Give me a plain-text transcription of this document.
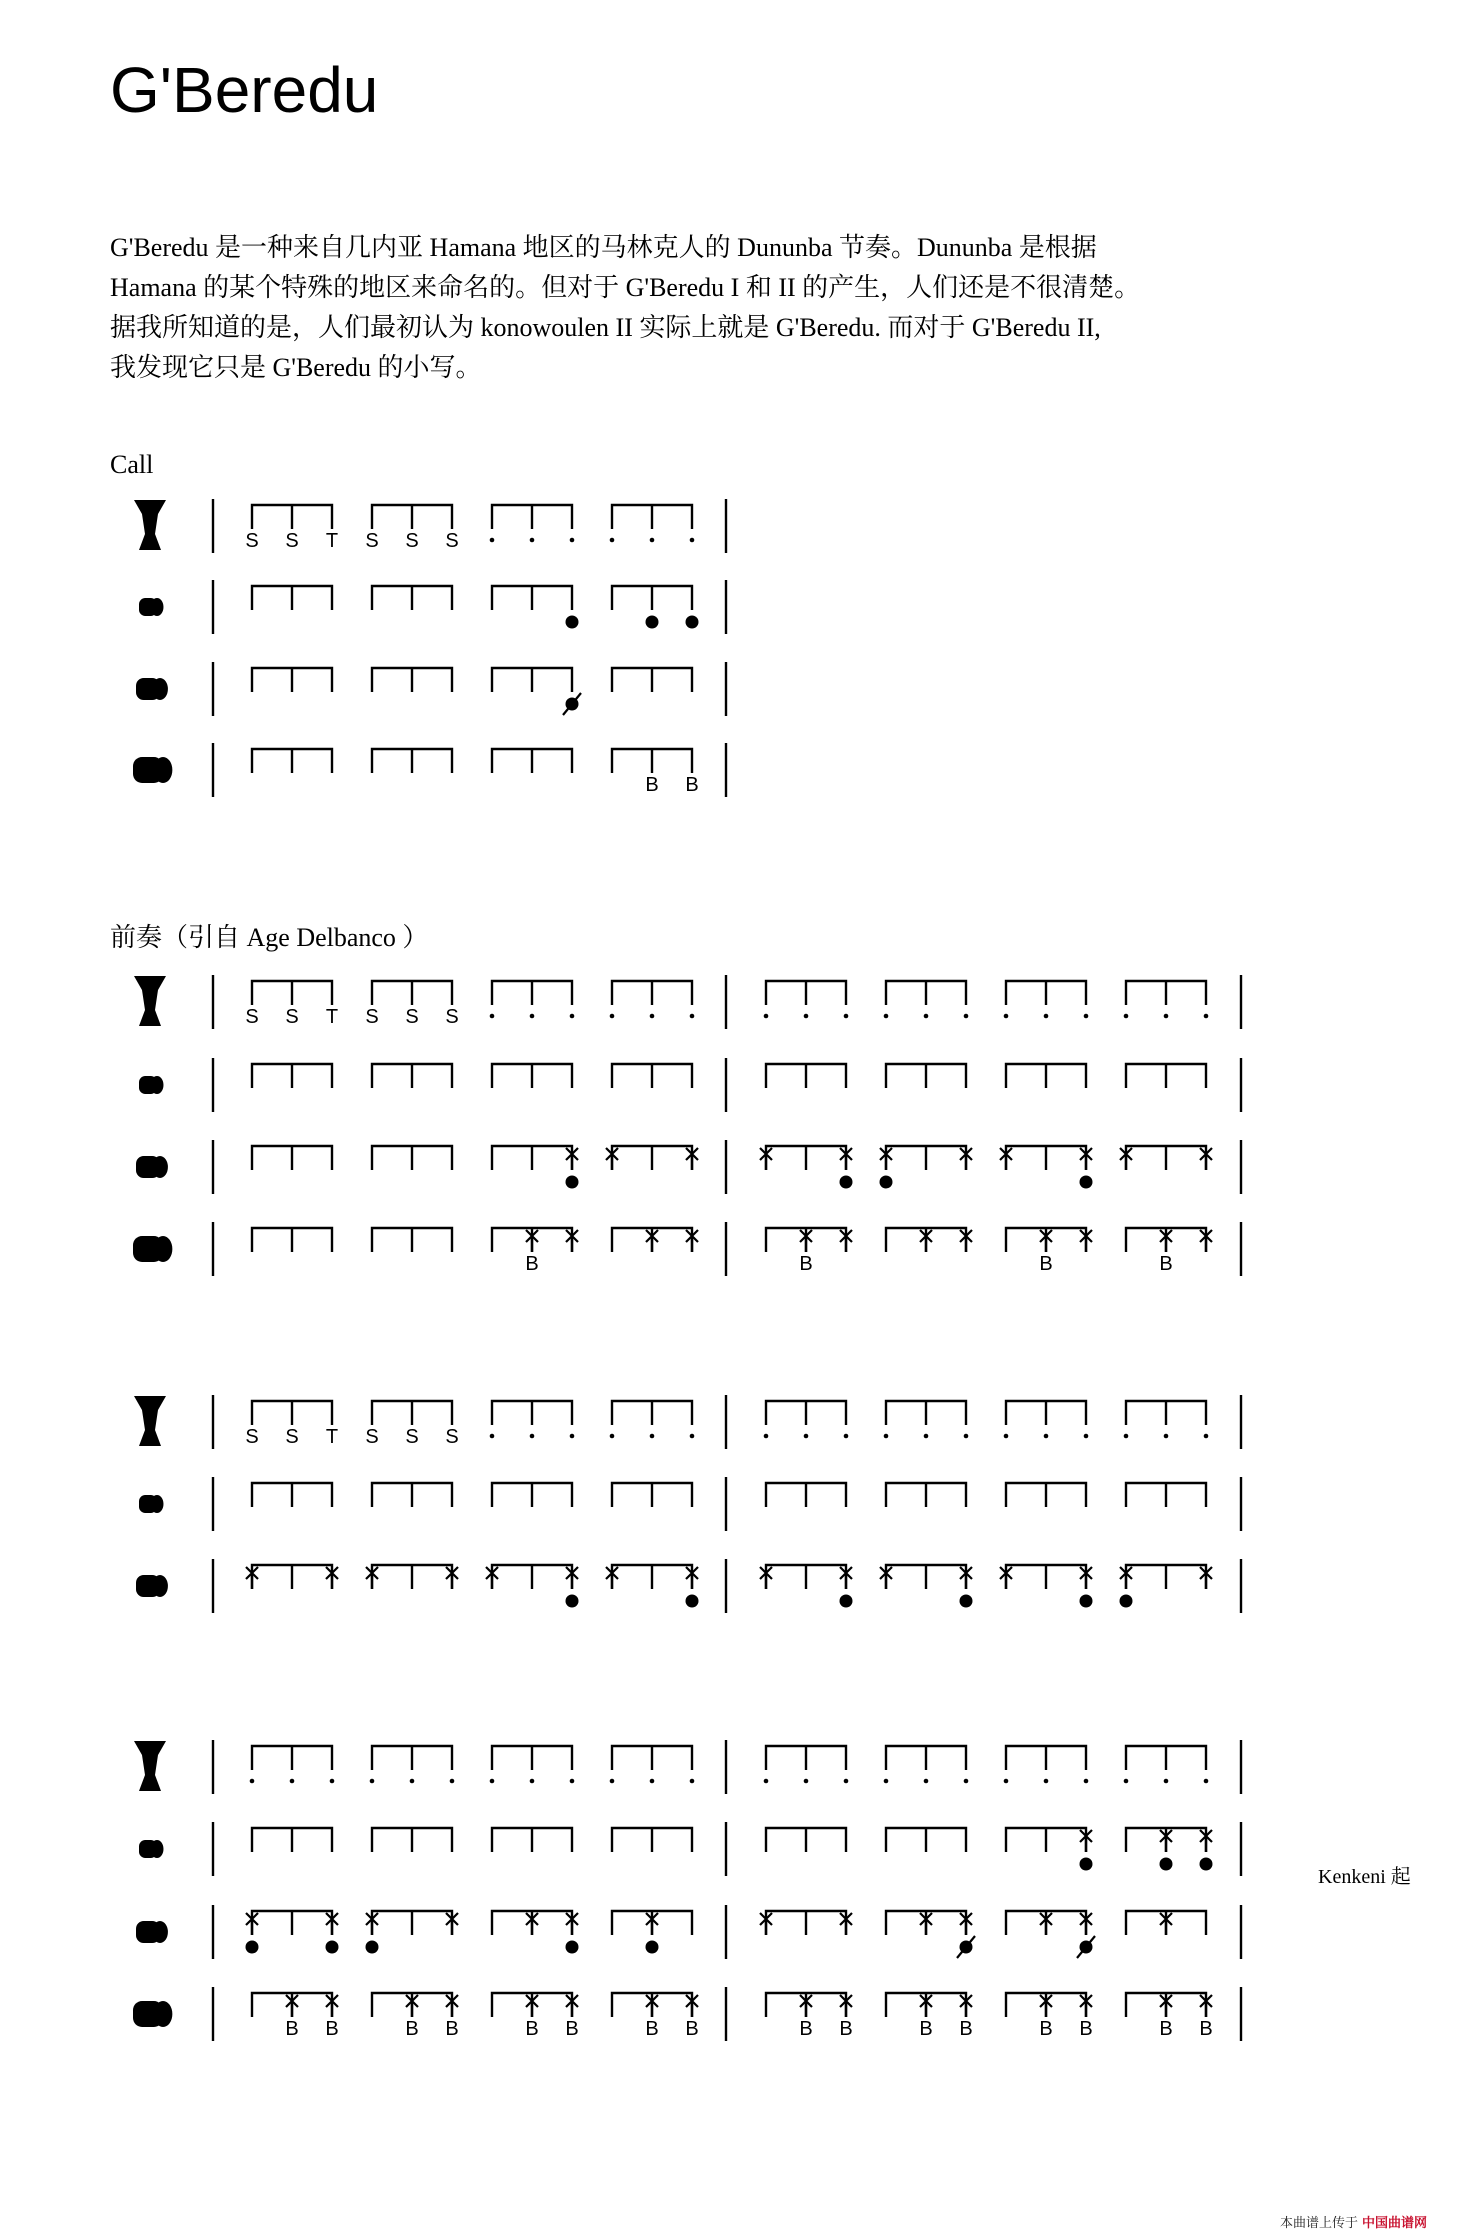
G'Beredu
G'Beredu 是一种来自几内亚 Hamana 地区的马林克人的 Dununba 节奏。Dununba 是根据
Hamana 的某个特殊的地区来命名的。但对于 G'Beredu I 和 II 的产生，人们还是不很清楚。
据我所知道的是，人们最初认为 konowoulen II 实际上就是 G'Beredu. 而对于 G'Beredu II,
我发现它只是 G'Beredu 的小写。
Call
前奏（引自 Age Delbanco ）
S S T S S S
B B
S S T S S S
B	B	B	B
S S T S S S
B B	B B	B B	B B	B B	B B	B B	B B
Kenkeni 起
本曲谱上传于 中国曲谱网
